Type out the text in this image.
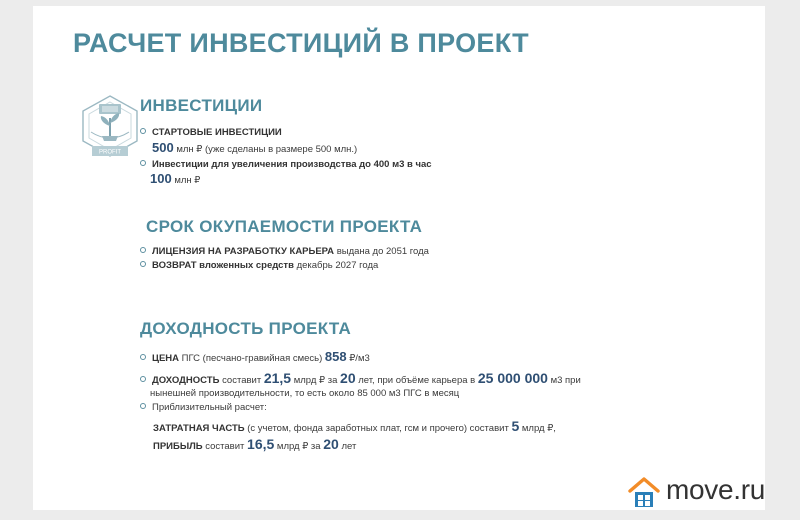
РАСЧЕТ ИНВЕСТИЦИЙ В ПРОЕКТ
PROFIT
ИНВЕСТИЦИИ
СТАРТОВЫЕ ИНВЕСТИЦИИ
500 млн ₽ (уже сделаны в размере 500 млн.)
Инвестиции для увеличения производства до 400 м3 в час
100 млн ₽
СРОК ОКУПАЕМОСТИ ПРОЕКТА
ЛИЦЕНЗИЯ НА РАЗРАБОТКУ КАРЬЕРА выдана до 2051 года
ВОЗВРАТ вложенных средств декабрь 2027 года
ДОХОДНОСТЬ ПРОЕКТА
ЦЕНА ПГС (песчано-гравийная смесь) 858 ₽/м3
ДОХОДНОСТЬ составит 21,5 млрд ₽ за 20 лет, при объёме карьера в 25 000 000 м3 при
нынешней производительности, то есть около 85 000 м3 ПГС в месяц
Приблизительный расчет:
ЗАТРАТНАЯ ЧАСТЬ (с учетом, фонда заработных плат, гсм и прочего) составит 5 млрд ₽,
ПРИБЫЛЬ составит 16,5 млрд ₽ за 20 лет
move.ru
